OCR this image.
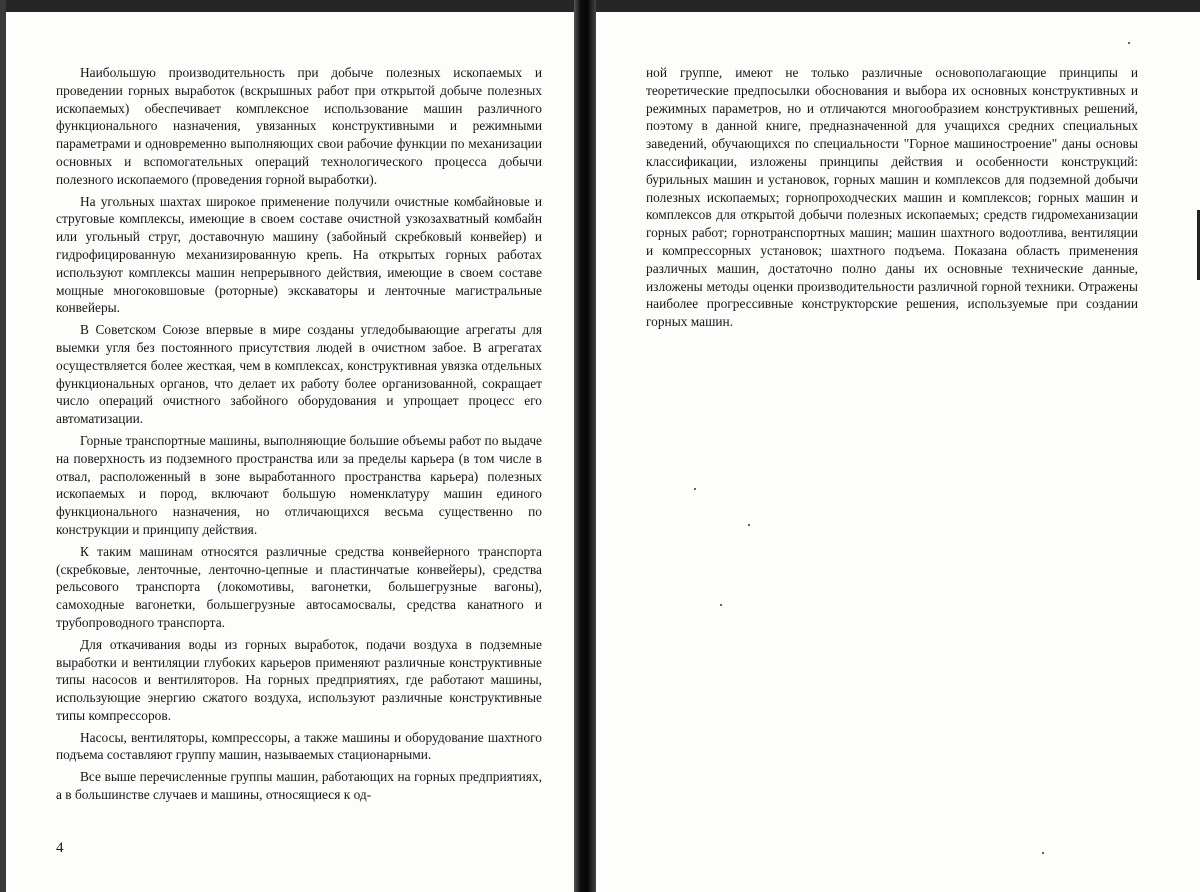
Наибольшую производительность при добыче полезных ископаемых и проведении горных выработок (вскрышных работ при открытой добыче полезных ископаемых) обеспечивает комплексное использование машин различного функционального назначения, увязанных конструктивными и режимными параметрами и одновременно выполняющих свои рабочие функции по механизации основных и вспомогательных операций технологического процесса добычи полезного ископаемого (проведения горной выработки).

На угольных шахтах широкое применение получили очистные комбайновые и струговые комплексы, имеющие в своем составе очистной узкозахватный комбайн или угольный струг, доставочную машину (забойный скребковый конвейер) и гидрофицированную механизированную крепь. На открытых горных работах используют комплексы машин непрерывного действия, имеющие в своем составе мощные многоковшовые (роторные) экскаваторы и ленточные магистральные конвейеры.

В Советском Союзе впервые в мире созданы угледобывающие агрегаты для выемки угля без постоянного присутствия людей в очистном забое. В агрегатах осуществляется более жесткая, чем в комплексах, конструктивная увязка отдельных функциональных органов, что делает их работу более организованной, сокращает число операций очистного забойного оборудования и упрощает процесс его автоматизации.

Горные транспортные машины, выполняющие большие объемы работ по выдаче на поверхность из подземного пространства или за пределы карьера (в том числе в отвал, расположенный в зоне выработанного пространства карьера) полезных ископаемых и пород, включают большую номенклатуру машин единого функционального назначения, но отличающихся весьма существенно по конструкции и принципу действия.

К таким машинам относятся различные средства конвейерного транспорта (скребковые, ленточные, ленточно-цепные и пластинчатые конвейеры), средства рельсового транспорта (локомотивы, вагонетки, большегрузные вагоны), самоходные вагонетки, большегрузные автосамосвалы, средства канатного и трубопроводного транспорта.

Для откачивания воды из горных выработок, подачи воздуха в подземные выработки и вентиляции глубоких карьеров применяют различные конструктивные типы насосов и вентиляторов. На горных предприятиях, где работают машины, использующие энергию сжатого воздуха, используют различные конструктивные типы компрессоров.

Насосы, вентиляторы, компрессоры, а также машины и оборудование шахтного подъема составляют группу машин, называемых стационарными.

Все выше перечисленные группы машин, работающих на горных предприятиях, а в большинстве случаев и машины, относящиеся к од-

4

ной группе, имеют не только различные основополагающие принципы и теоретические предпосылки обоснования и выбора их основных конструктивных и режимных параметров, но и отличаются многообразием конструктивных решений, поэтому в данной книге, предназначенной для учащихся средних специальных заведений, обучающихся по специальности "Горное машиностроение" даны основы классификации, изложены принципы действия и особенности конструкций: бурильных машин и установок, горных машин и комплексов для подземной добычи полезных ископаемых; горнопроходческих машин и комплексов; горных машин и комплексов для открытой добычи полезных ископаемых; средств гидромеханизации горных работ; горнотранспортных машин; машин шахтного водоотлива, вентиляции и компрессорных установок; шахтного подъема. Показана область применения различных машин, достаточно полно даны их основные технические данные, изложены методы оценки производительности различной горной техники. Отражены наиболее прогрессивные конструкторские решения, используемые при создании горных машин.
